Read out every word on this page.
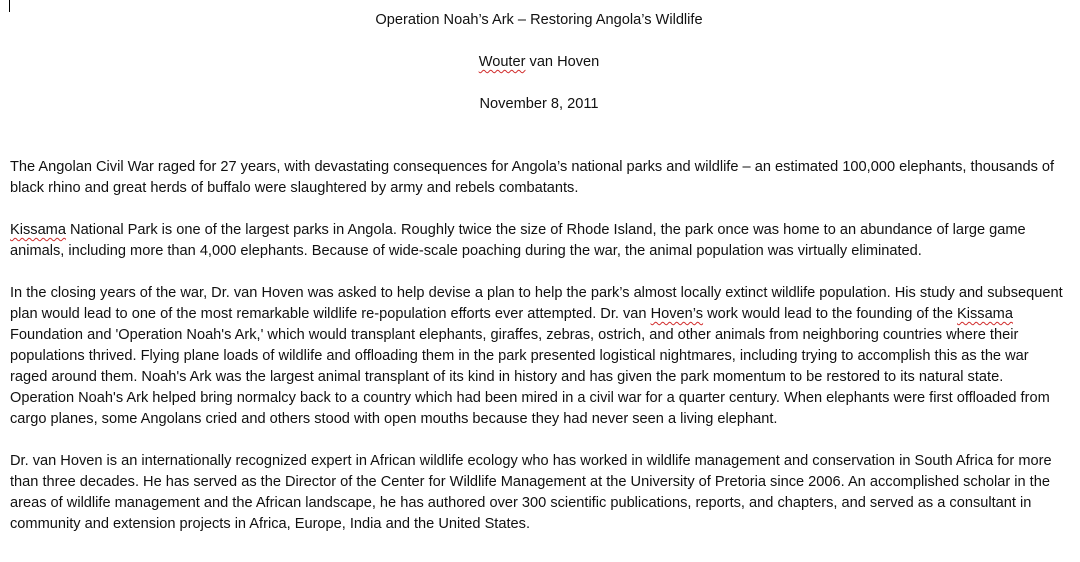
Operation Noah’s Ark – Restoring Angola’s Wildlife

Wouter van Hoven

November 8, 2011

The Angolan Civil War raged for 27 years, with devastating consequences for Angola’s national parks and wildlife – an estimated 100,000 elephants, thousands of black rhino and great herds of buffalo were slaughtered by army and rebels combatants.

Kissama National Park is one of the largest parks in Angola. Roughly twice the size of Rhode Island, the park once was home to an abundance of large game animals, including more than 4,000 elephants. Because of wide-scale poaching during the war, the animal population was virtually eliminated.

In the closing years of the war, Dr. van Hoven was asked to help devise a plan to help the park’s almost locally extinct wildlife population. His study and subsequent plan would lead to one of the most remarkable wildlife re-population efforts ever attempted. Dr. van Hoven’s work would lead to the founding of the Kissama Foundation and 'Operation Noah's Ark,' which would transplant elephants, giraffes, zebras, ostrich, and other animals from neighboring countries where their populations thrived. Flying plane loads of wildlife and offloading them in the park presented logistical nightmares, including trying to accomplish this as the war raged around them. Noah's Ark was the largest animal transplant of its kind in history and has given the park momentum to be restored to its natural state. Operation Noah's Ark helped bring normalcy back to a country which had been mired in a civil war for a quarter century. When elephants were first offloaded from cargo planes, some Angolans cried and others stood with open mouths because they had never seen a living elephant.

Dr. van Hoven is an internationally recognized expert in African wildlife ecology who has worked in wildlife management and conservation in South Africa for more than three decades. He has served as the Director of the Center for Wildlife Management at the University of Pretoria since 2006. An accomplished scholar in the areas of wildlife management and the African landscape, he has authored over 300 scientific publications, reports, and chapters, and served as a consultant in community and extension projects in Africa, Europe, India and the United States.
